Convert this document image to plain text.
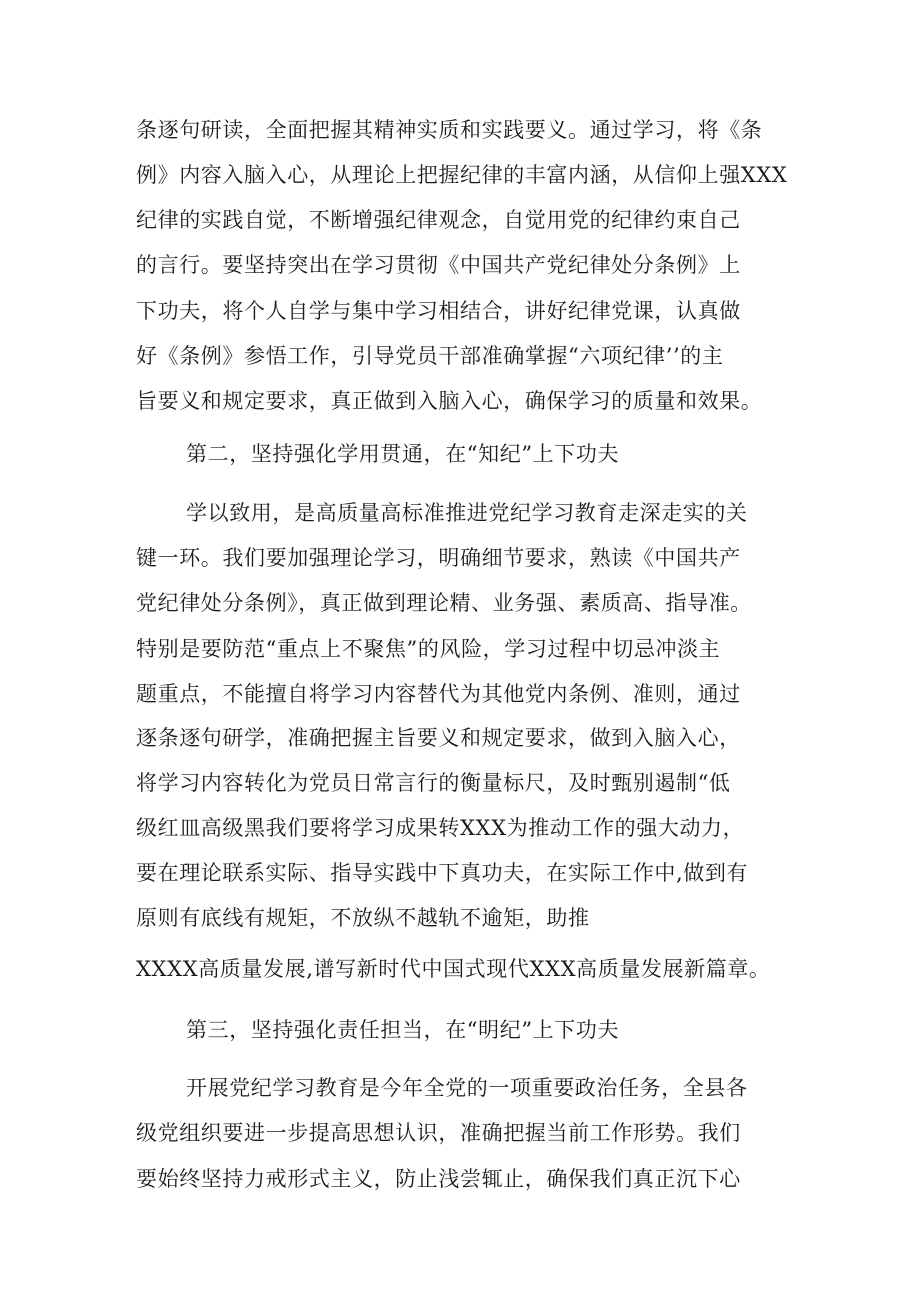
条逐句研读，全面把握其精神实质和实践要义。通过学习，将《条
例》内容入脑入心，从理论上把握纪律的丰富内涵，从信仰上强XXX
纪律的实践自觉，不断增强纪律观念，自觉用党的纪律约束自己
的言行。要坚持突出在学习贯彻《中国共产党纪律处分条例》上
下功夫，将个人自学与集中学习相结合，讲好纪律党课，认真做
好《条例》参悟工作，引导党员干部准确掌握“六项纪律’’的主
旨要义和规定要求，真正做到入脑入心，确保学习的质量和效果。
第二，坚持强化学用贯通，在“知纪”上下功夫
学以致用，是高质量高标准推进党纪学习教育走深走实的关
键一环。我们要加强理论学习，明确细节要求，熟读《中国共产
党纪律处分条例》，真正做到理论精、业务强、素质高、指导准。
特别是要防范“重点上不聚焦”的风险，学习过程中切忌冲淡主
题重点，不能擅自将学习内容替代为其他党内条例、准则，通过
逐条逐句研学，准确把握主旨要义和规定要求，做到入脑入心，
将学习内容转化为党员日常言行的衡量标尺，及时甄别遏制“低
级红皿高级黑我们要将学习成果转XXX为推动工作的强大动力，
要在理论联系实际、指导实践中下真功夫，在实际工作中,做到有
原则有底线有规矩，不放纵不越轨不逾矩，助推
XXXX高质量发展,谱写新时代中国式现代XXX高质量发展新篇章。
第三，坚持强化责任担当，在“明纪”上下功夫
开展党纪学习教育是今年全党的一项重要政治任务，全县各
级党组织要进一步提高思想认识，准确把握当前工作形势。我们
要始终坚持力戒形式主义，防止浅尝辄止，确保我们真正沉下心
